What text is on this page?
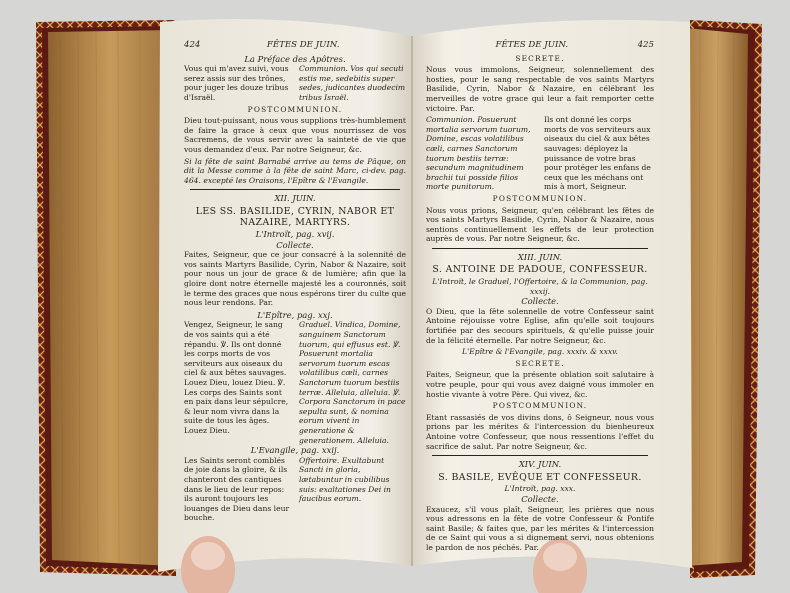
424	FÊTES DE JUIN.
La Préface des Apôtres.
Vous qui m'avez suivi, vous serez assis sur des trônes, pour juger les douze tribus d'Israël.
Communion. Vos qui secuti estis me, sedebitis super sedes, judicantes duodecim tribus Israël.
POSTCOMMUNION.

Dieu tout-puissant, nous vous supplions très-humblement de faire la grace à ceux que vous nourrissez de vos Sacremens, de vous servir avec la sainteté de vie que vous demandez d'eux. Par notre Seigneur, &c.

Si la fête de saint Barnabé arrive au tems de Pâque, on dit la Messe comme à la fête de saint Marc, ci-dev. pag. 464. excepté les Oraisons, l'Epître & l'Evangile.

XII. JUIN.
LES SS. BASILIDE, CYRIN, NABOR ET NAZAIRE, MARTYRS.
L'Introït, pag. xvij.
Collecte.

Faites, Seigneur, que ce jour consacré à la solennité de vos saints Martyrs Basilide, Cyrin, Nabor & Nazaire, soit pour nous un jour de grace & de lumière; afin que la gloire dont notre éternelle majesté les a couronnés, soit le terme des graces que nous espérons tirer du culte que nous leur rendons. Par.

L'Epître, pag. xxj.
Vengez, Seigneur, le sang de vos saints qui a été répandu. ℣. Ils ont donné les corps morts de vos serviteurs aux oiseaux du ciel & aux bêtes sauvages. Louez Dieu, louez Dieu. ℣. Les corps des Saints sont en paix dans leur sépulcre, & leur nom vivra dans la suite de tous les âges. Louez Dieu.
Graduel. Vindica, Domine, sanguinem Sanctorum tuorum, qui effusus est. ℣. Posuerunt mortalia servorum tuorum escas volatilibus cæli, carnes Sanctorum tuorum bestiis terræ. Alleluia, alleluia. ℣. Corpora Sanctorum in pace sepulta sunt, & nomina eorum vivent in generatione & generationem. Alleluia.
L'Evangile, pag. xxij.
Les Saints seront comblés de joie dans la gloire, & ils chanteront des cantiques dans le lieu de leur repos: ils auront toujours les louanges de Dieu dans leur bouche.
Offertoire. Exultabunt Sancti in gloria, lætabuntur in cubilibus suis: exaltationes Dei in faucibus eorum.
FÊTES DE JUIN.	425
SECRETE.

Nous vous immolons, Seigneur, solennellement des hosties, pour le sang respectable de vos saints Martyrs Basilide, Cyrin, Nabor & Nazaire, en célébrant les merveilles de votre grace qui leur a fait remporter cette victoire. Par.

Communion. Posuerunt mortalia servorum tuorum, Domine, escas volatilibus cæli, carnes Sanctorum tuorum bestiis terræ: secundum magnitudinem brachii tui posside filios morte punitorum.
Ils ont donné les corps morts de vos serviteurs aux oiseaux du ciel & aux bêtes sauvages: déployez la puissance de votre bras pour protéger les enfans de ceux que les méchans ont mis à mort, Seigneur.
POSTCOMMUNION.

Nous vous prions, Seigneur, qu'en célébrant les fêtes de vos saints Martyrs Basilide, Cyrin, Nabor & Nazaire, nous sentions continuellement les effets de leur protection auprès de vous. Par notre Seigneur, &c.

XIII. JUIN.
S. ANTOINE DE PADOUE, CONFESSEUR.
L'Introït, le Graduel, l'Offertoire, & la Communion, pag. xxxij.
Collecte.

O Dieu, que la fête solennelle de votre Confesseur saint Antoine réjouisse votre Eglise, afin qu'elle soit toujours fortifiée par des secours spirituels, & qu'elle puisse jouir de la félicité éternelle. Par notre Seigneur, &c.

L'Epître & l'Evangile, pag. xxxiv. & xxxv.
SECRETE.

Faites, Seigneur, que la présente oblation soit salutaire à votre peuple, pour qui vous avez daigné vous immoler en hostie vivante à votre Père. Qui vivez, &c.

POSTCOMMUNION.

Etant rassasiés de vos divins dons, ô Seigneur, nous vous prions par les mérites & l'intercession du bienheureux Antoine votre Confesseur, que nous ressentions l'effet du sacrifice de salut. Par notre Seigneur, &c.

XIV. JUIN.
S. BASILE, EVÊQUE ET CONFESSEUR.
L'Introït, pag. xxx.
Collecte.

Exaucez, s'il vous plaît, Seigneur, les prières que nous vous adressons en la fête de votre Confesseur & Pontife saint Basile; & faites que, par les mérites & l'intercession de ce Saint qui vous a si dignement servi, nous obtenions le pardon de nos péchés. Par.
